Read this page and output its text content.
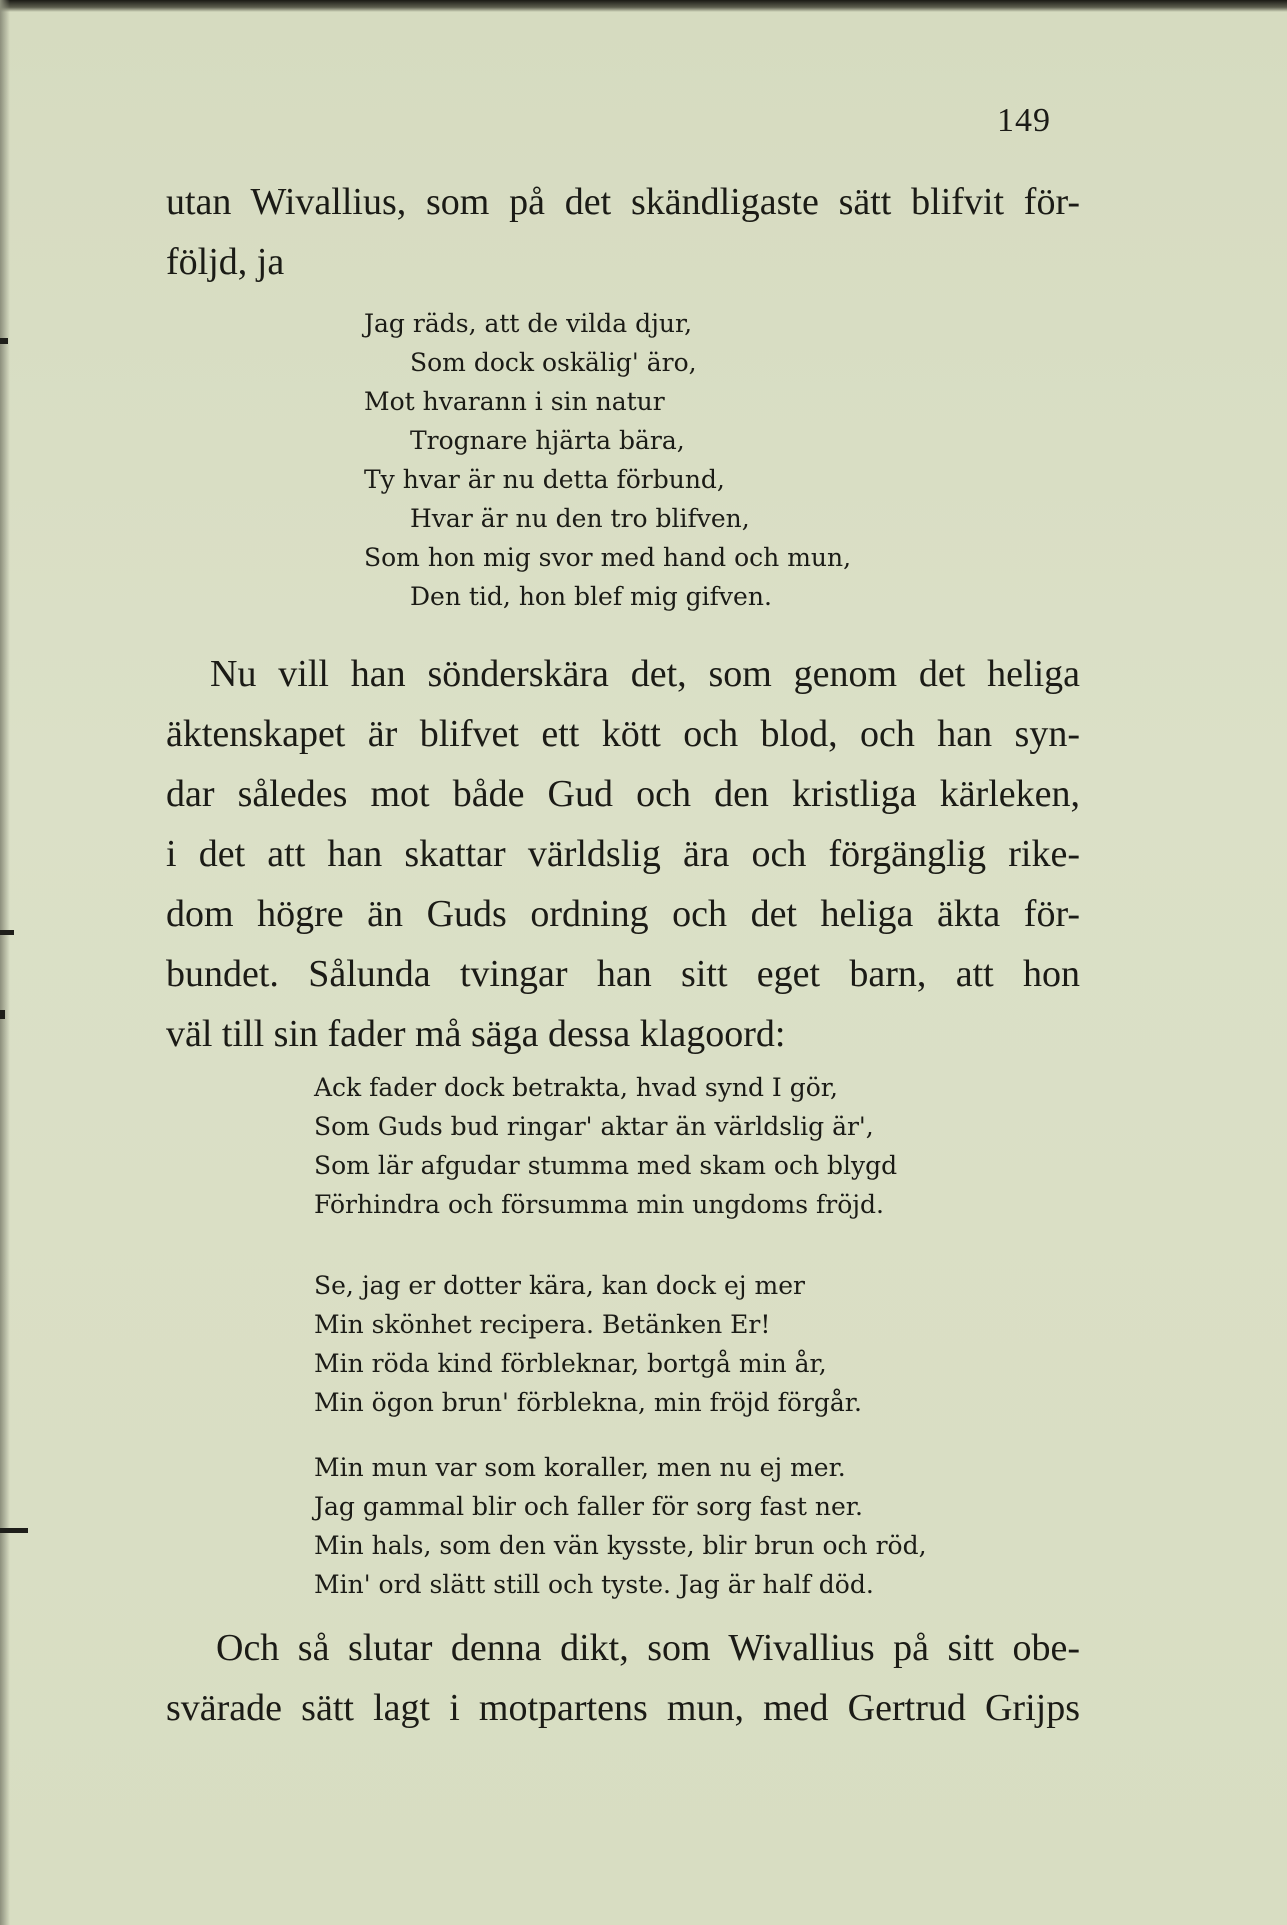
149
utan Wivallius, som på det skändligaste sätt blifvit för-
följd, ja
Jag räds, att de vilda djur,
Som dock oskälig' äro,
Mot hvarann i sin natur
Trognare hjärta bära,
Ty hvar är nu detta förbund,
Hvar är nu den tro blifven,
Som hon mig svor med hand och mun,
Den tid, hon blef mig gifven.
Nu vill han sönderskära det, som genom det heliga
äktenskapet är blifvet ett kött och blod, och han syn-
dar således mot både Gud och den kristliga kärleken,
i det att han skattar världslig ära och förgänglig rike-
dom högre än Guds ordning och det heliga äkta för-
bundet. Sålunda tvingar han sitt eget barn, att hon
väl till sin fader må säga dessa klagoord:
Ack fader dock betrakta, hvad synd I gör,
Som Guds bud ringar' aktar än världslig är',
Som lär afgudar stumma med skam och blygd
Förhindra och försumma min ungdoms fröjd.
Se, jag er dotter kära, kan dock ej mer
Min skönhet recipera. Betänken Er!
Min röda kind förbleknar, bortgå min år,
Min ögon brun' förblekna, min fröjd förgår.
Min mun var som koraller, men nu ej mer.
Jag gammal blir och faller för sorg fast ner.
Min hals, som den vän kysste, blir brun och röd,
Min' ord slätt still och tyste. Jag är half död.
Och så slutar denna dikt, som Wivallius på sitt obe-
svärade sätt lagt i motpartens mun, med Gertrud Grijps
